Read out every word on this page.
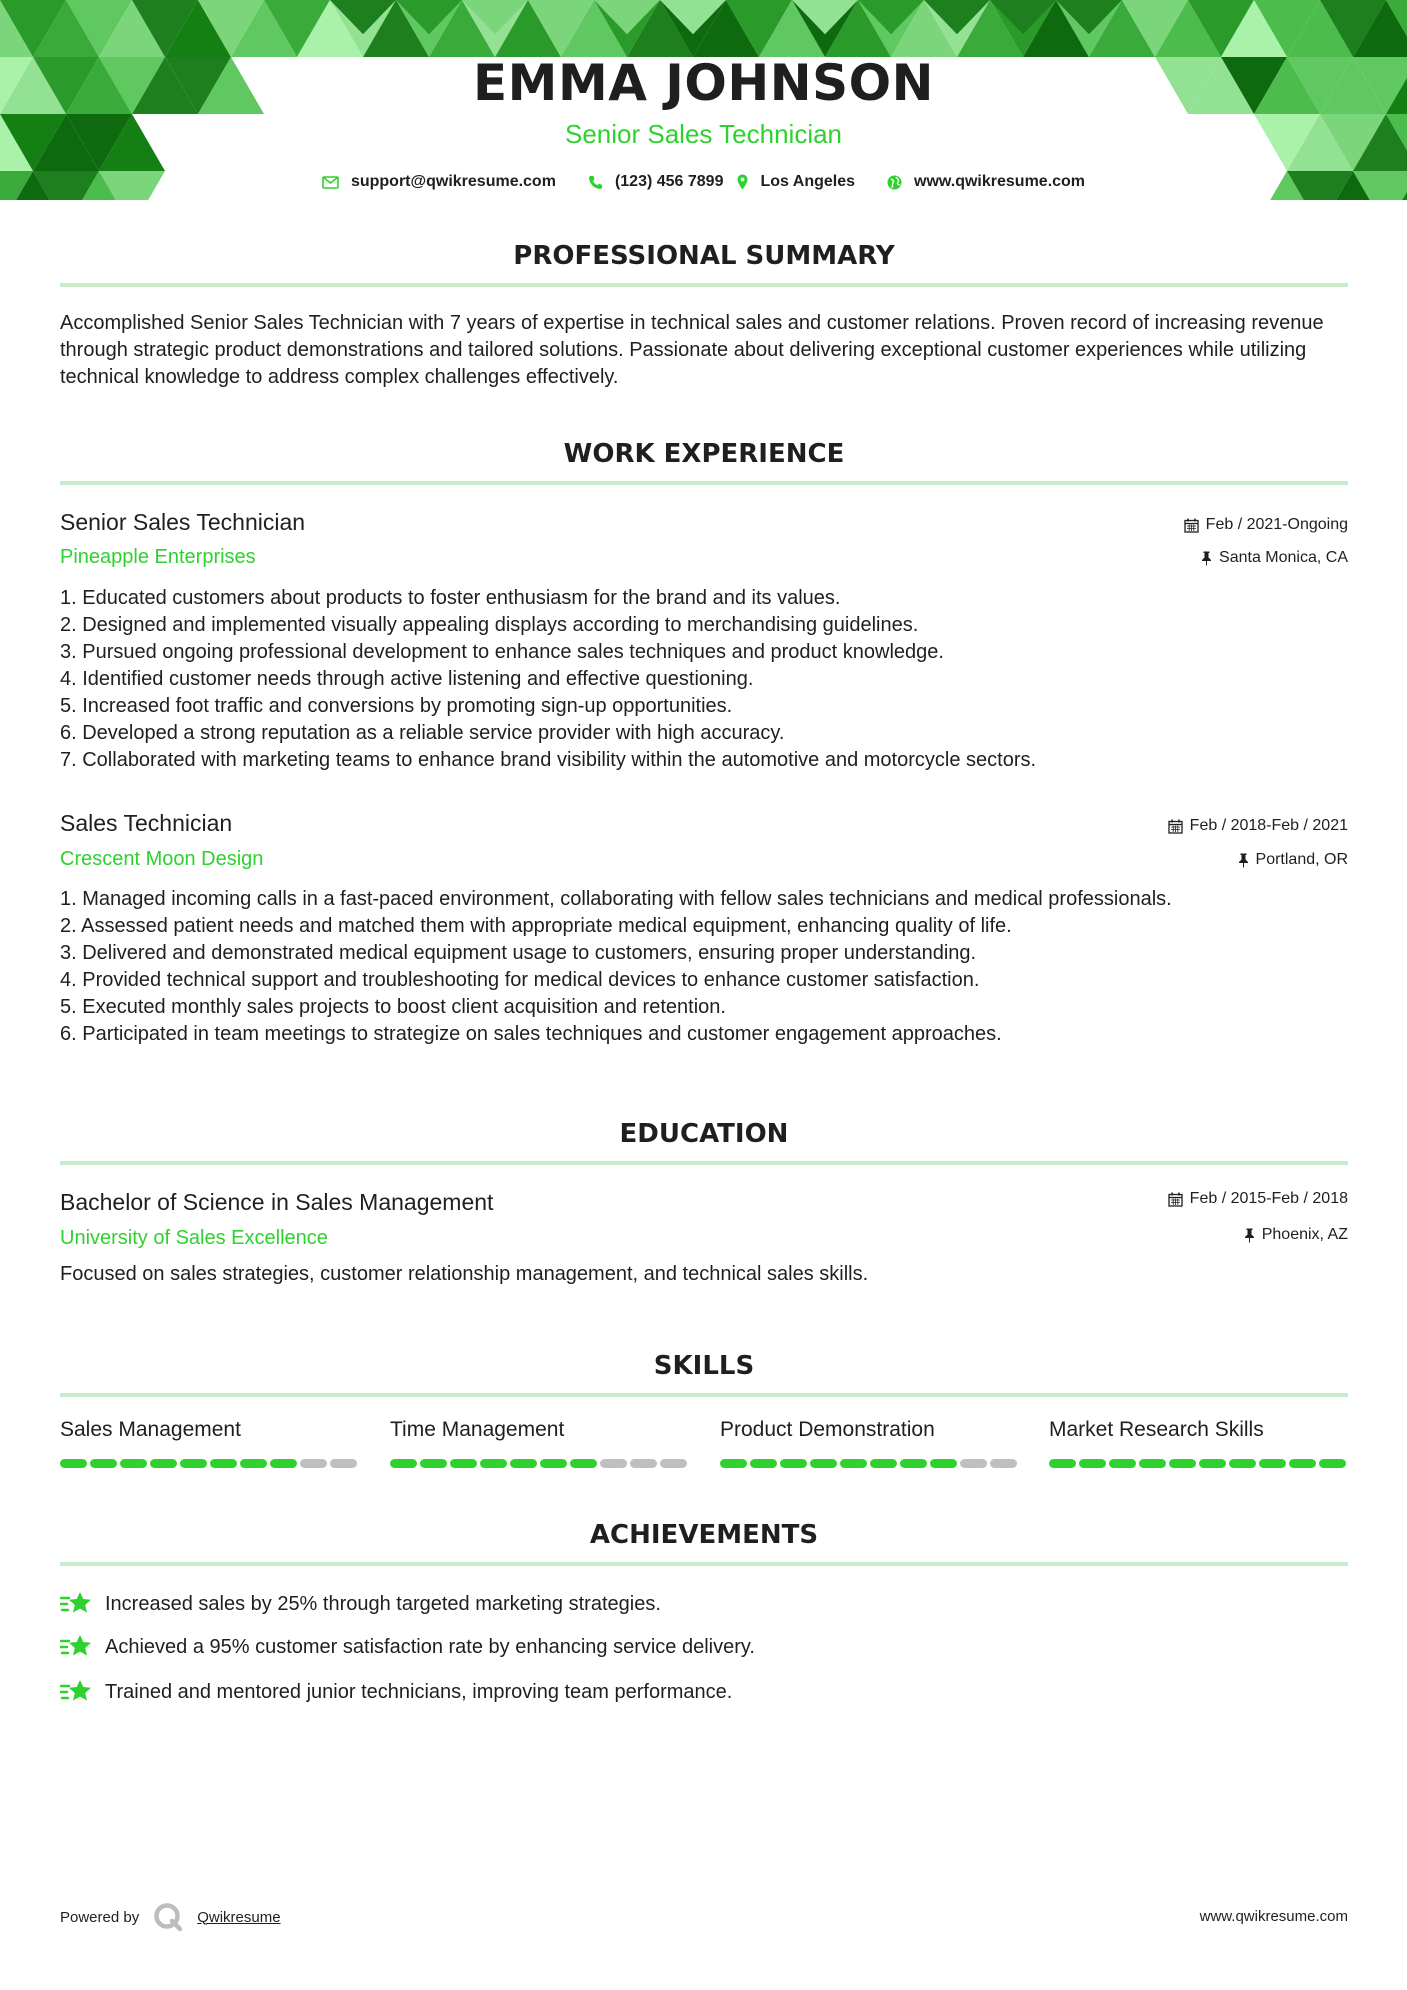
EMMA JOHNSON
Senior Sales Technician
support@qwikresume.com	(123) 456 7899 Los Angeles	www.qwikresume.com
PROFESSIONAL SUMMARY
Accomplished Senior Sales Technician with 7 years of expertise in technical sales and customer relations. Proven record of increasing revenue through strategic product demonstrations and tailored solutions. Passionate about delivering exceptional customer experiences while utilizing technical knowledge to address complex challenges effectively.
WORK EXPERIENCE
Senior Sales Technician	Feb / 2021-Ongoing
Pineapple Enterprises	Santa Monica, CA
1. Educated customers about products to foster enthusiasm for the brand and its values.
2. Designed and implemented visually appealing displays according to merchandising guidelines.
3. Pursued ongoing professional development to enhance sales techniques and product knowledge.
4. Identified customer needs through active listening and effective questioning.
5. Increased foot traffic and conversions by promoting sign-up opportunities.
6. Developed a strong reputation as a reliable service provider with high accuracy.
7. Collaborated with marketing teams to enhance brand visibility within the automotive and motorcycle sectors.
Sales Technician	Feb / 2018-Feb / 2021
Crescent Moon Design	Portland, OR
1. Managed incoming calls in a fast-paced environment, collaborating with fellow sales technicians and medical professionals.
2. Assessed patient needs and matched them with appropriate medical equipment, enhancing quality of life.
3. Delivered and demonstrated medical equipment usage to customers, ensuring proper understanding.
4. Provided technical support and troubleshooting for medical devices to enhance customer satisfaction.
5. Executed monthly sales projects to boost client acquisition and retention.
6. Participated in team meetings to strategize on sales techniques and customer engagement approaches.
EDUCATION
Bachelor of Science in Sales Management	Feb / 2015-Feb / 2018
University of Sales Excellence	Phoenix, AZ
Focused on sales strategies, customer relationship management, and technical sales skills.
SKILLS
Sales Management	Time Management	Product Demonstration	Market Research Skills
ACHIEVEMENTS
Increased sales by 25% through targeted marketing strategies.
Achieved a 95% customer satisfaction rate by enhancing service delivery.
Trained and mentored junior technicians, improving team performance.
Powered by	Qwikresume	www.qwikresume.com
